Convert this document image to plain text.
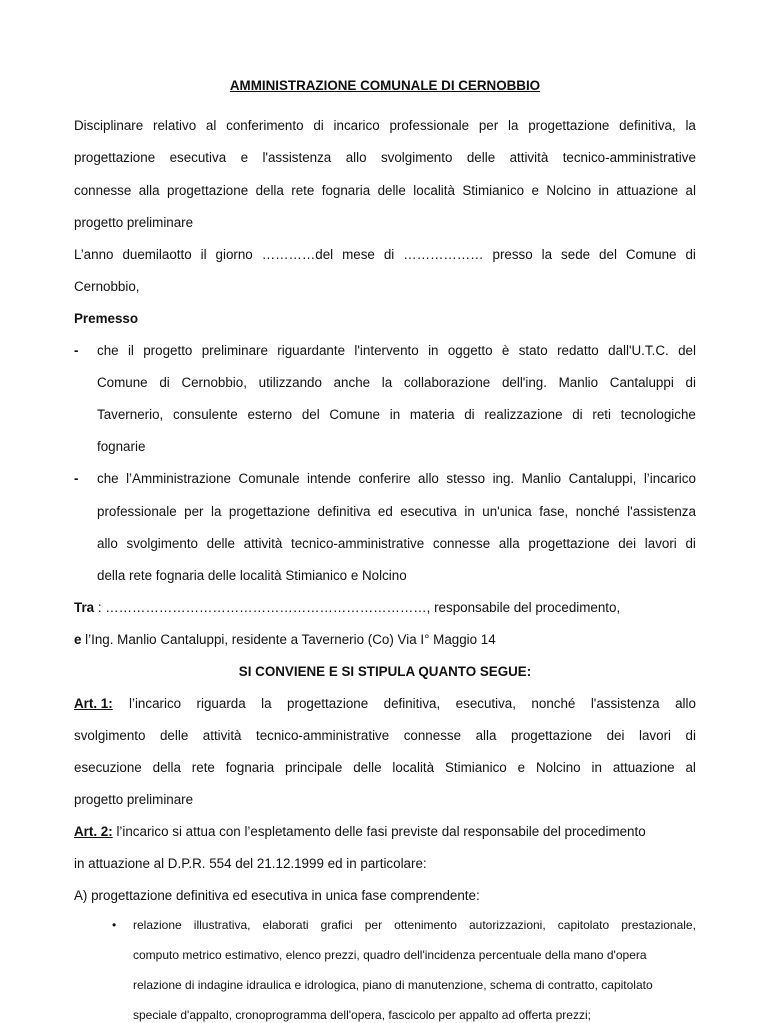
AMMINISTRAZIONE COMUNALE DI CERNOBBIO
Disciplinare relativo al conferimento di incarico professionale per la progettazione definitiva, la
progettazione esecutiva e l'assistenza allo svolgimento delle attività tecnico-amministrative
connesse alla progettazione della rete fognaria delle località Stimianico e Nolcino in attuazione al
progetto preliminare
L’anno duemilaotto il giorno …………del mese di ……………… presso la sede del Comune di
Cernobbio,
Premesso
- che il progetto preliminare riguardante l'intervento in oggetto è stato redatto dall'U.T.C. del
Comune di Cernobbio, utilizzando anche la collaborazione dell'ing. Manlio Cantaluppi di
Tavernerio, consulente esterno del Comune in materia di realizzazione di reti tecnologiche
fognarie
- che l’Amministrazione Comunale intende conferire allo stesso ing. Manlio Cantaluppi, l’incarico
professionale per la progettazione definitiva ed esecutiva in un'unica fase, nonché l'assistenza
allo svolgimento delle attività tecnico-amministrative connesse alla progettazione dei lavori di
della rete fognaria delle località Stimianico e Nolcino
Tra : ………………………………………………………………, responsabile del procedimento,
e l’Ing. Manlio Cantaluppi, residente a Tavernerio (Co) Via I° Maggio 14
SI CONVIENE E SI STIPULA QUANTO SEGUE:
Art. 1: l’incarico riguarda la progettazione definitiva, esecutiva, nonché l'assistenza allo
svolgimento delle attività tecnico-amministrative connesse alla progettazione dei lavori di
esecuzione della rete fognaria principale delle località Stimianico e Nolcino in attuazione al
progetto preliminare
Art. 2: l’incarico si attua con l’espletamento delle fasi previste dal responsabile del procedimento
in attuazione al D.P.R. 554 del 21.12.1999 ed in particolare:
A) progettazione definitiva ed esecutiva in unica fase comprendente:
• relazione illustrativa, elaborati grafici per ottenimento autorizzazioni, capitolato prestazionale,
computo metrico estimativo, elenco prezzi, quadro dell'incidenza percentuale della mano d'opera
relazione di indagine idraulica e idrologica, piano di manutenzione, schema di contratto, capitolato
speciale d'appalto, cronoprogramma dell'opera, fascicolo per appalto ad offerta prezzi;
